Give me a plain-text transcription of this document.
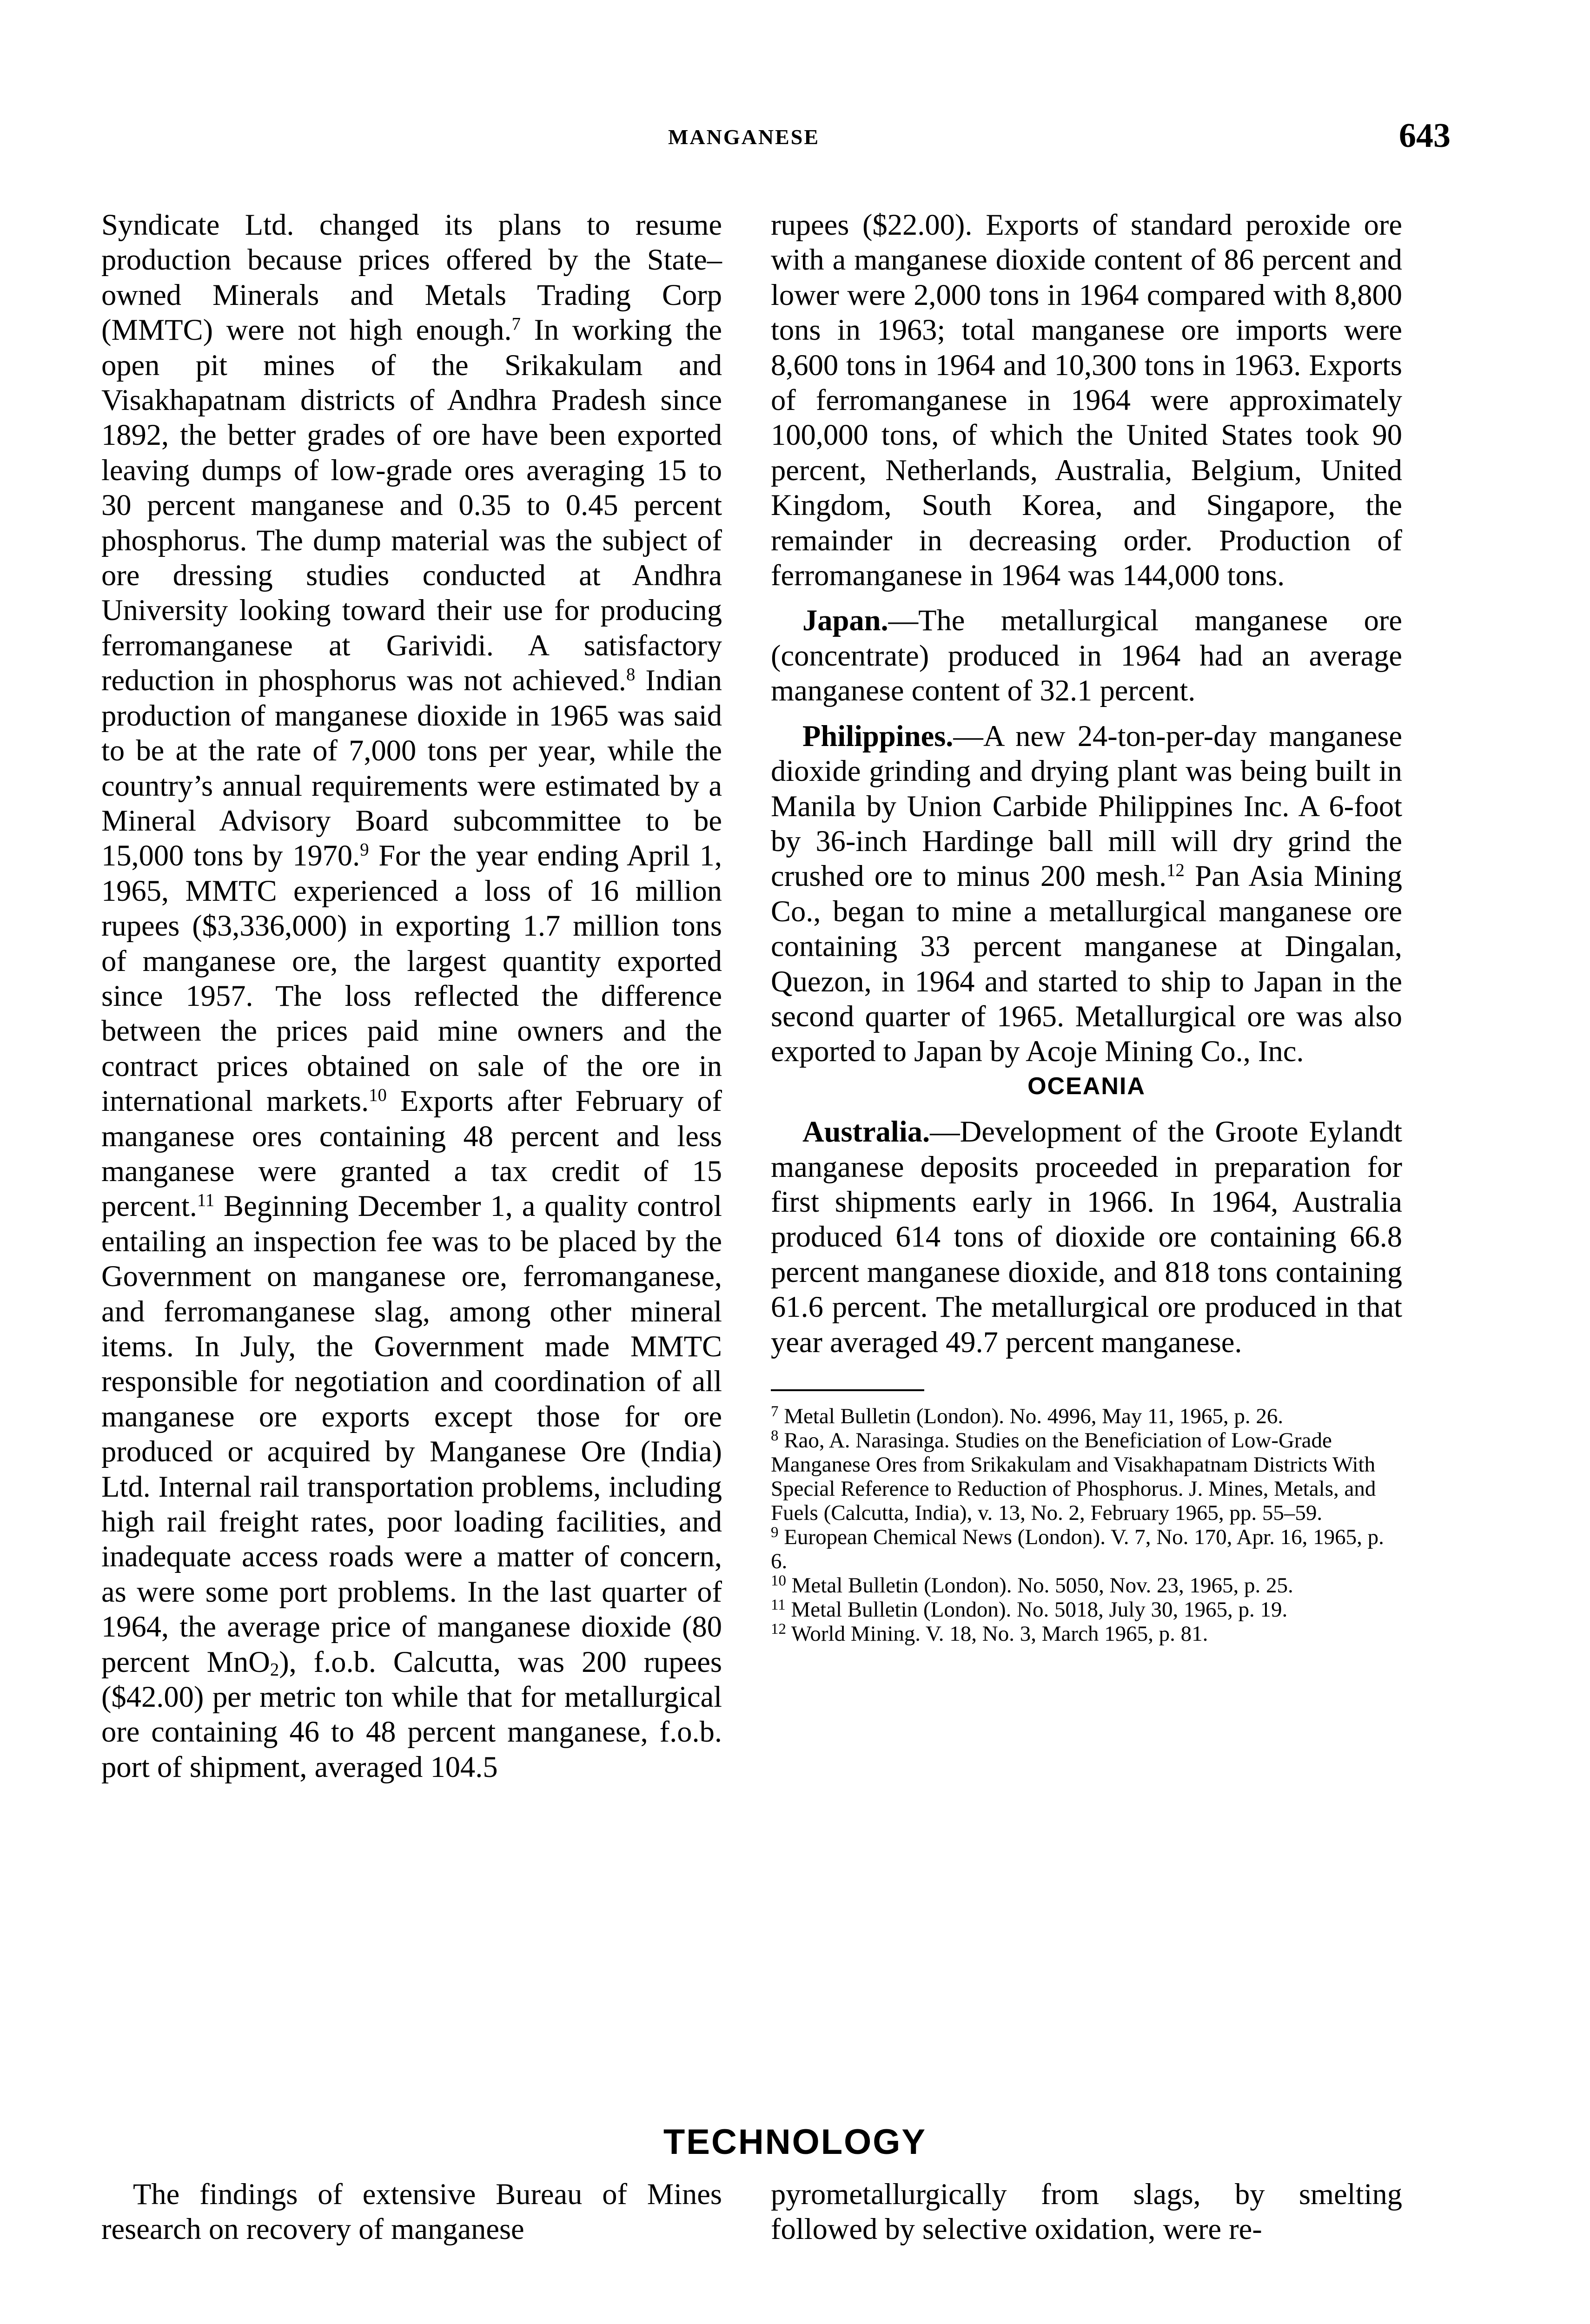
MANGANESE	643

Syndicate Ltd. changed its plans to resume production because prices offered by the State–owned Minerals and Metals Trading Corp (MMTC) were not high enough.$^7$ In working the open pit mines of the Srikakulam and Visakhapatnam districts of Andhra Pradesh since 1892, the better grades of ore have been exported leaving dumps of low-grade ores averaging 15 to 30 percent manganese and 0.35 to 0.45 percent phosphorus. The dump material was the subject of ore dressing studies conducted at Andhra University looking toward their use for producing ferromanganese at Garividi. A satisfactory reduction in phosphorus was not achieved.$^8$ Indian production of manganese dioxide in 1965 was said to be at the rate of 7,000 tons per year, while the country’s annual requirements were estimated by a Mineral Advisory Board subcommittee to be 15,000 tons by 1970.$^9$ For the year ending April 1, 1965, MMTC experienced a loss of 16 million rupees ($3,336,000) in exporting 1.7 million tons of manganese ore, the largest quantity exported since 1957. The loss reflected the difference between the prices paid mine owners and the contract prices obtained on sale of the ore in international markets.$^{10}$ Exports after February of manganese ores containing 48 percent and less manganese were granted a tax credit of 15 percent.$^{11}$ Beginning December 1, a quality control entailing an inspection fee was to be placed by the Government on manganese ore, ferromanganese, and ferromanganese slag, among other mineral items. In July, the Government made MMTC responsible for negotiation and coordination of all manganese ore exports except those for ore produced or acquired by Manganese Ore (India) Ltd. Internal rail transportation problems, including high rail freight rates, poor loading facilities, and inadequate access roads were a matter of concern, as were some port problems. In the last quarter of 1964, the average price of manganese dioxide (80 percent MnO$_2$), f.o.b. Calcutta, was 200 rupees ($42.00) per metric ton while that for metallurgical ore containing 46 to 48 percent manganese, f.o.b. port of shipment, averaged 104.5

rupees ($22.00). Exports of standard peroxide ore with a manganese dioxide content of 86 percent and lower were 2,000 tons in 1964 compared with 8,800 tons in 1963; total manganese ore imports were 8,600 tons in 1964 and 10,300 tons in 1963. Exports of ferromanganese in 1964 were approximately 100,000 tons, of which the United States took 90 percent, Netherlands, Australia, Belgium, United Kingdom, South Korea, and Singapore, the remainder in decreasing order. Production of ferromanganese in 1964 was 144,000 tons.

Japan.—The metallurgical manganese ore (concentrate) produced in 1964 had an average manganese content of 32.1 percent.

Philippines.—A new 24-ton-per-day manganese dioxide grinding and drying plant was being built in Manila by Union Carbide Philippines Inc. A 6-foot by 36-inch Hardinge ball mill will dry grind the crushed ore to minus 200 mesh.$^{12}$ Pan Asia Mining Co., began to mine a metallurgical manganese ore containing 33 percent manganese at Dingalan, Quezon, in 1964 and started to ship to Japan in the second quarter of 1965. Metallurgical ore was also exported to Japan by Acoje Mining Co., Inc.

OCEANIA

Australia.—Development of the Groote Eylandt manganese deposits proceeded in preparation for first shipments early in 1966. In 1964, Australia produced 614 tons of dioxide ore containing 66.8 percent manganese dioxide, and 818 tons containing 61.6 percent. The metallurgical ore produced in that year averaged 49.7 percent manganese.

$^7$ Metal Bulletin (London). No. 4996, May 11, 1965, p. 26.

$^8$ Rao, A. Narasinga. Studies on the Beneficiation of Low-Grade Manganese Ores from Srikakulam and Visakhapatnam Districts With Special Reference to Reduction of Phosphorus. J. Mines, Metals, and Fuels (Calcutta, India), v. 13, No. 2, February 1965, pp. 55–59.

$^9$ European Chemical News (London). V. 7, No. 170, Apr. 16, 1965, p. 6.

$^{10}$ Metal Bulletin (London). No. 5050, Nov. 23, 1965, p. 25.

$^{11}$ Metal Bulletin (London). No. 5018, July 30, 1965, p. 19.

$^{12}$ World Mining. V. 18, No. 3, March 1965, p. 81.

TECHNOLOGY
The findings of extensive Bureau of Mines research on recovery of manganese
pyrometallurgically from slags, by smelting followed by selective oxidation, were re-
